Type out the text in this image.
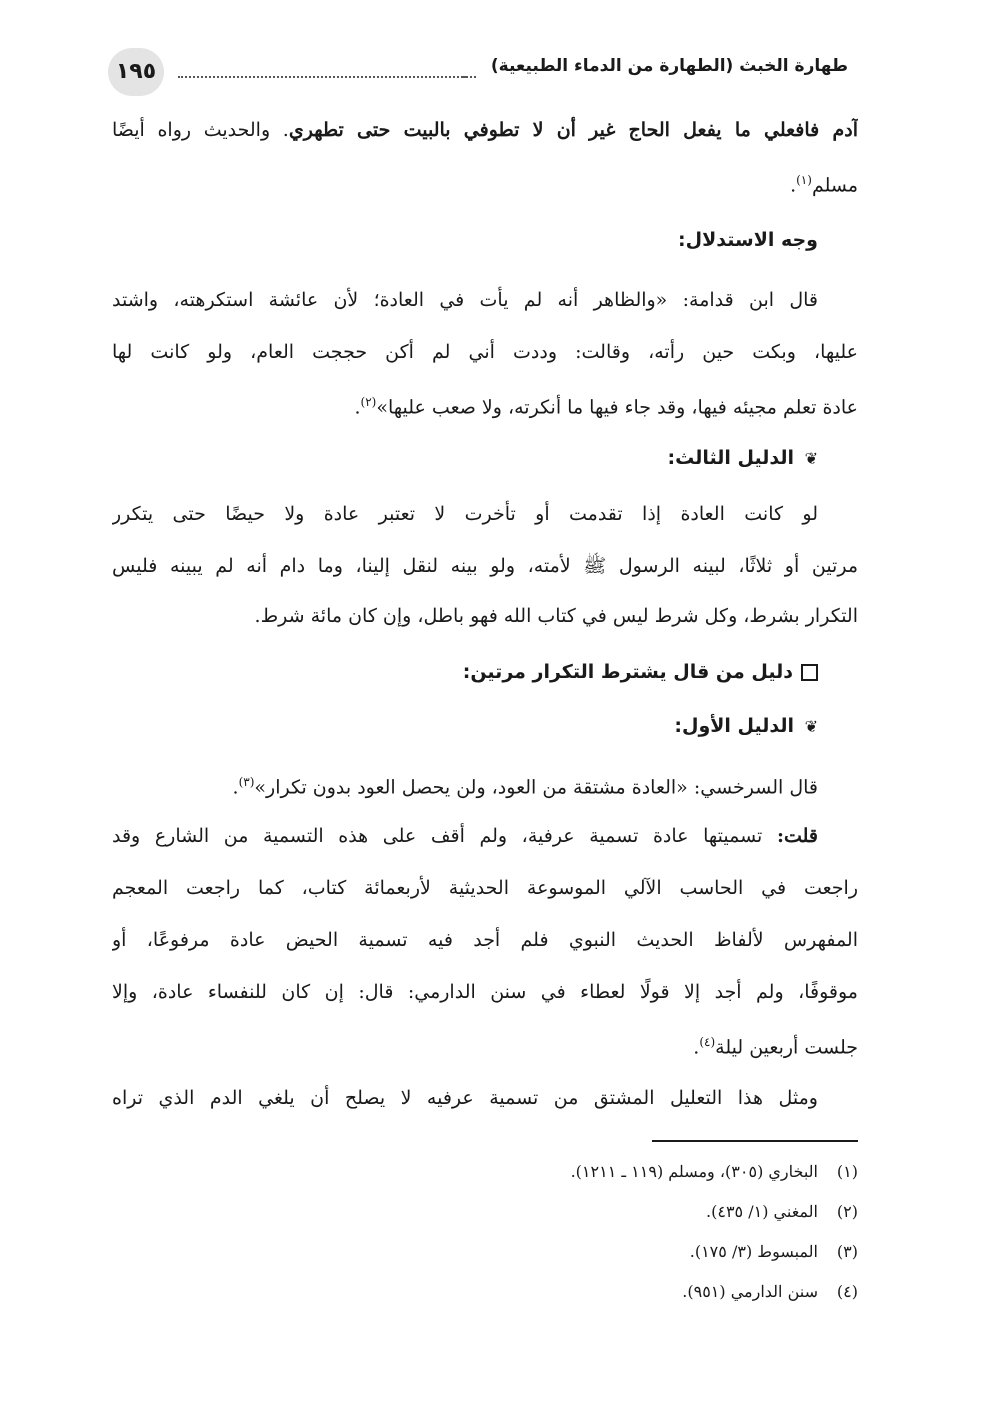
١٩٥	طهارة الخبث (الطهارة من الدماء الطبيعية)
آدم فافعلي ما يفعل الحاج غير أن لا تطوفي بالبيت حتى تطهري. والحديث رواه أيضًا
مسلم$^{(١)}$.
وجه الاستدلال:
قال ابن قدامة: «والظاهر أنه لم يأت في العادة؛ لأن عائشة استكرهته، واشتد
عليها، وبكت حين رأته، وقالت: وددت أني لم أكن حججت العام، ولو كانت لها
عادة تعلم مجيئه فيها، وقد جاء فيها ما أنكرته، ولا صعب عليها»$^{(٢)}$.
❦الدليل الثالث:
لو كانت العادة إذا تقدمت أو تأخرت لا تعتبر عادة ولا حيضًا حتى يتكرر
مرتين أو ثلاثًا، لبينه الرسول ﷺ لأمته، ولو بينه لنقل إلينا، وما دام أنه لم يبينه فليس
التكرار بشرط، وكل شرط ليس في كتاب الله فهو باطل، وإن كان مائة شرط.
دليل من قال يشترط التكرار مرتين:
❦الدليل الأول:
قال السرخسي: «العادة مشتقة من العود، ولن يحصل العود بدون تكرار»$^{(٣)}$.
قلت: تسميتها عادة تسمية عرفية، ولم أقف على هذه التسمية من الشارع وقد
راجعت في الحاسب الآلي الموسوعة الحديثية لأربعمائة كتاب، كما راجعت المعجم
المفهرس لألفاظ الحديث النبوي فلم أجد فيه تسمية الحيض عادة مرفوعًا، أو
موقوفًا، ولم أجد إلا قولًا لعطاء في سنن الدارمي: قال: إن كان للنفساء عادة، وإلا
جلست أربعين ليلة$^{(٤)}$.
ومثل هذا التعليل المشتق من تسمية عرفيه لا يصلح أن يلغي الدم الذي تراه
(١)البخاري (٣٠٥)، ومسلم (١١٩ ـ ١٢١١).
(٢)المغني (١/ ٤٣٥).
(٣)المبسوط (٣/ ١٧٥).
(٤)سنن الدارمي (٩٥١).
